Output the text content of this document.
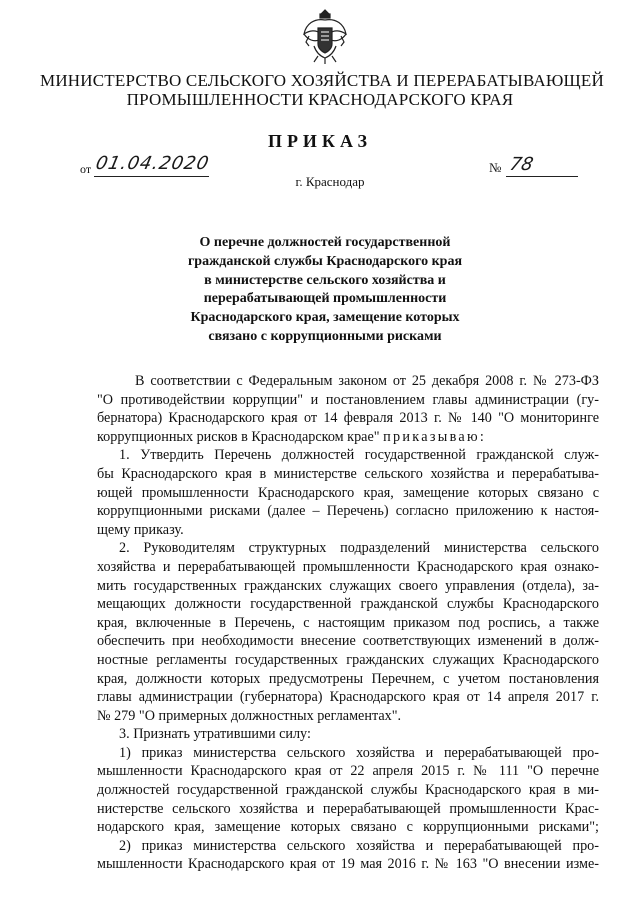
МИНИСТЕРСТВО СЕЛЬСКОГО ХОЗЯЙСТВА И ПЕРЕРАБАТЫВАЮЩЕЙ
ПРОМЫШЛЕННОСТИ КРАСНОДАРСКОГО КРАЯ
ПРИКАЗ
от 01.04.2020	№ 78
г. Краснодар
О перечне должностей государственной
гражданской службы Краснодарского края
в министерстве сельского хозяйства и
перерабатывающей промышленности
Краснодарского края, замещение которых
связано с коррупционными рисками
В соответствии с Федеральным законом от 25 декабря 2008 г. № 273-ФЗ
"О противодействии коррупции" и постановлением главы администрации (гу-
бернатора) Краснодарского края от 14 февраля 2013 г. № 140 "О мониторинге
коррупционных рисков в Краснодарском крае" приказываю:
1. Утвердить Перечень должностей государственной гражданской служ-
бы Краснодарского края в министерстве сельского хозяйства и перерабатыва-
ющей промышленности Краснодарского края, замещение которых связано с
коррупционными рисками (далее – Перечень) согласно приложению к настоя-
щему приказу.
2. Руководителям структурных подразделений министерства сельского
хозяйства и перерабатывающей промышленности Краснодарского края ознако-
мить государственных гражданских служащих своего управления (отдела), за-
мещающих должности государственной гражданской службы Краснодарского
края, включенные в Перечень, с настоящим приказом под роспись, а также
обеспечить при необходимости внесение соответствующих изменений в долж-
ностные регламенты государственных гражданских служащих Краснодарского
края, должности которых предусмотрены Перечнем, с учетом постановления
главы администрации (губернатора) Краснодарского края от 14 апреля 2017 г.
№ 279 "О примерных должностных регламентах".
3. Признать утратившими силу:
1) приказ министерства сельского хозяйства и перерабатывающей про-
мышленности Краснодарского края от 22 апреля 2015 г. № 111 "О перечне
должностей государственной гражданской службы Краснодарского края в ми-
нистерстве сельского хозяйства и перерабатывающей промышленности Крас-
нодарского края, замещение которых связано с коррупционными рисками";
2) приказ министерства сельского хозяйства и перерабатывающей про-
мышленности Краснодарского края от 19 мая 2016 г. № 163 "О внесении изме-
